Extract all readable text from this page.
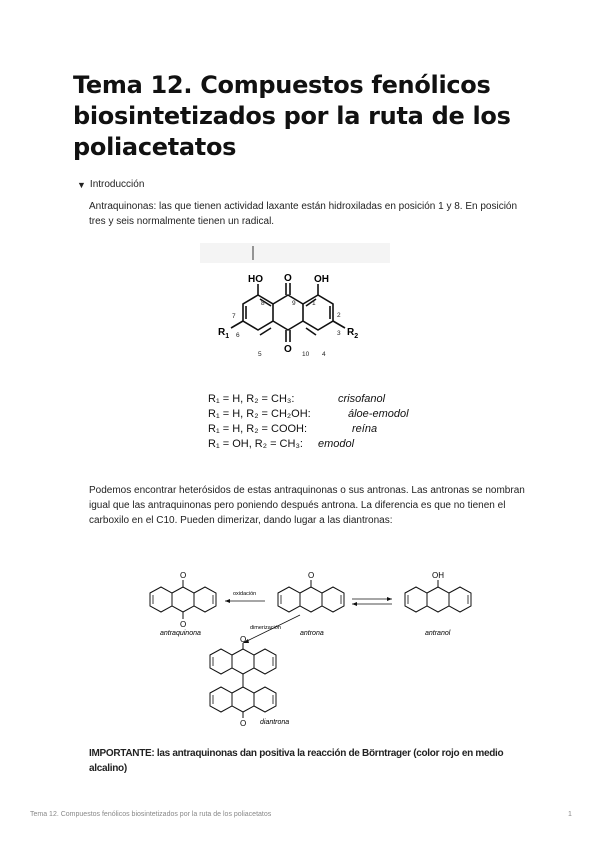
Tema 12. Compuestos fenólicos biosintetizados por la ruta de los poliacetatos
▼ Introducción
Antraquinonas: las que tienen actividad laxante están hidroxiladas en posición 1 y 8. En posición tres y seis normalmente tienen un radical.
HO O OH
O
$R_1$	$R_2$
8	9	1
7	2
6	3
5	10 4
R₁ = H, R₂ = CH₃:	crisofanol
R₁ = H, R₂ = CH₂OH:	áloe-emodol
R₁ = H, R₂ = COOH:	reína
R₁ = OH, R₂ = CH₃: emodol
Podemos encontrar heterósidos de estas antraquinonas o sus antronas. Las antronas se nombran igual que las antraquinonas pero poniendo después antrona. La diferencia es que no tienen el carboxilo en el C10. Pueden dimerizar, dando lugar a las diantronas:
O
O
antraquinona
oxidación
O
antrona
OH
antranol
dimerización
O
O diantrona
IMPORTANTE: las antraquinonas dan positiva la reacción de Börntrager (color rojo en medio alcalino)
Tema 12. Compuestos fenólicos biosintetizados por la ruta de los poliacetatos	1
